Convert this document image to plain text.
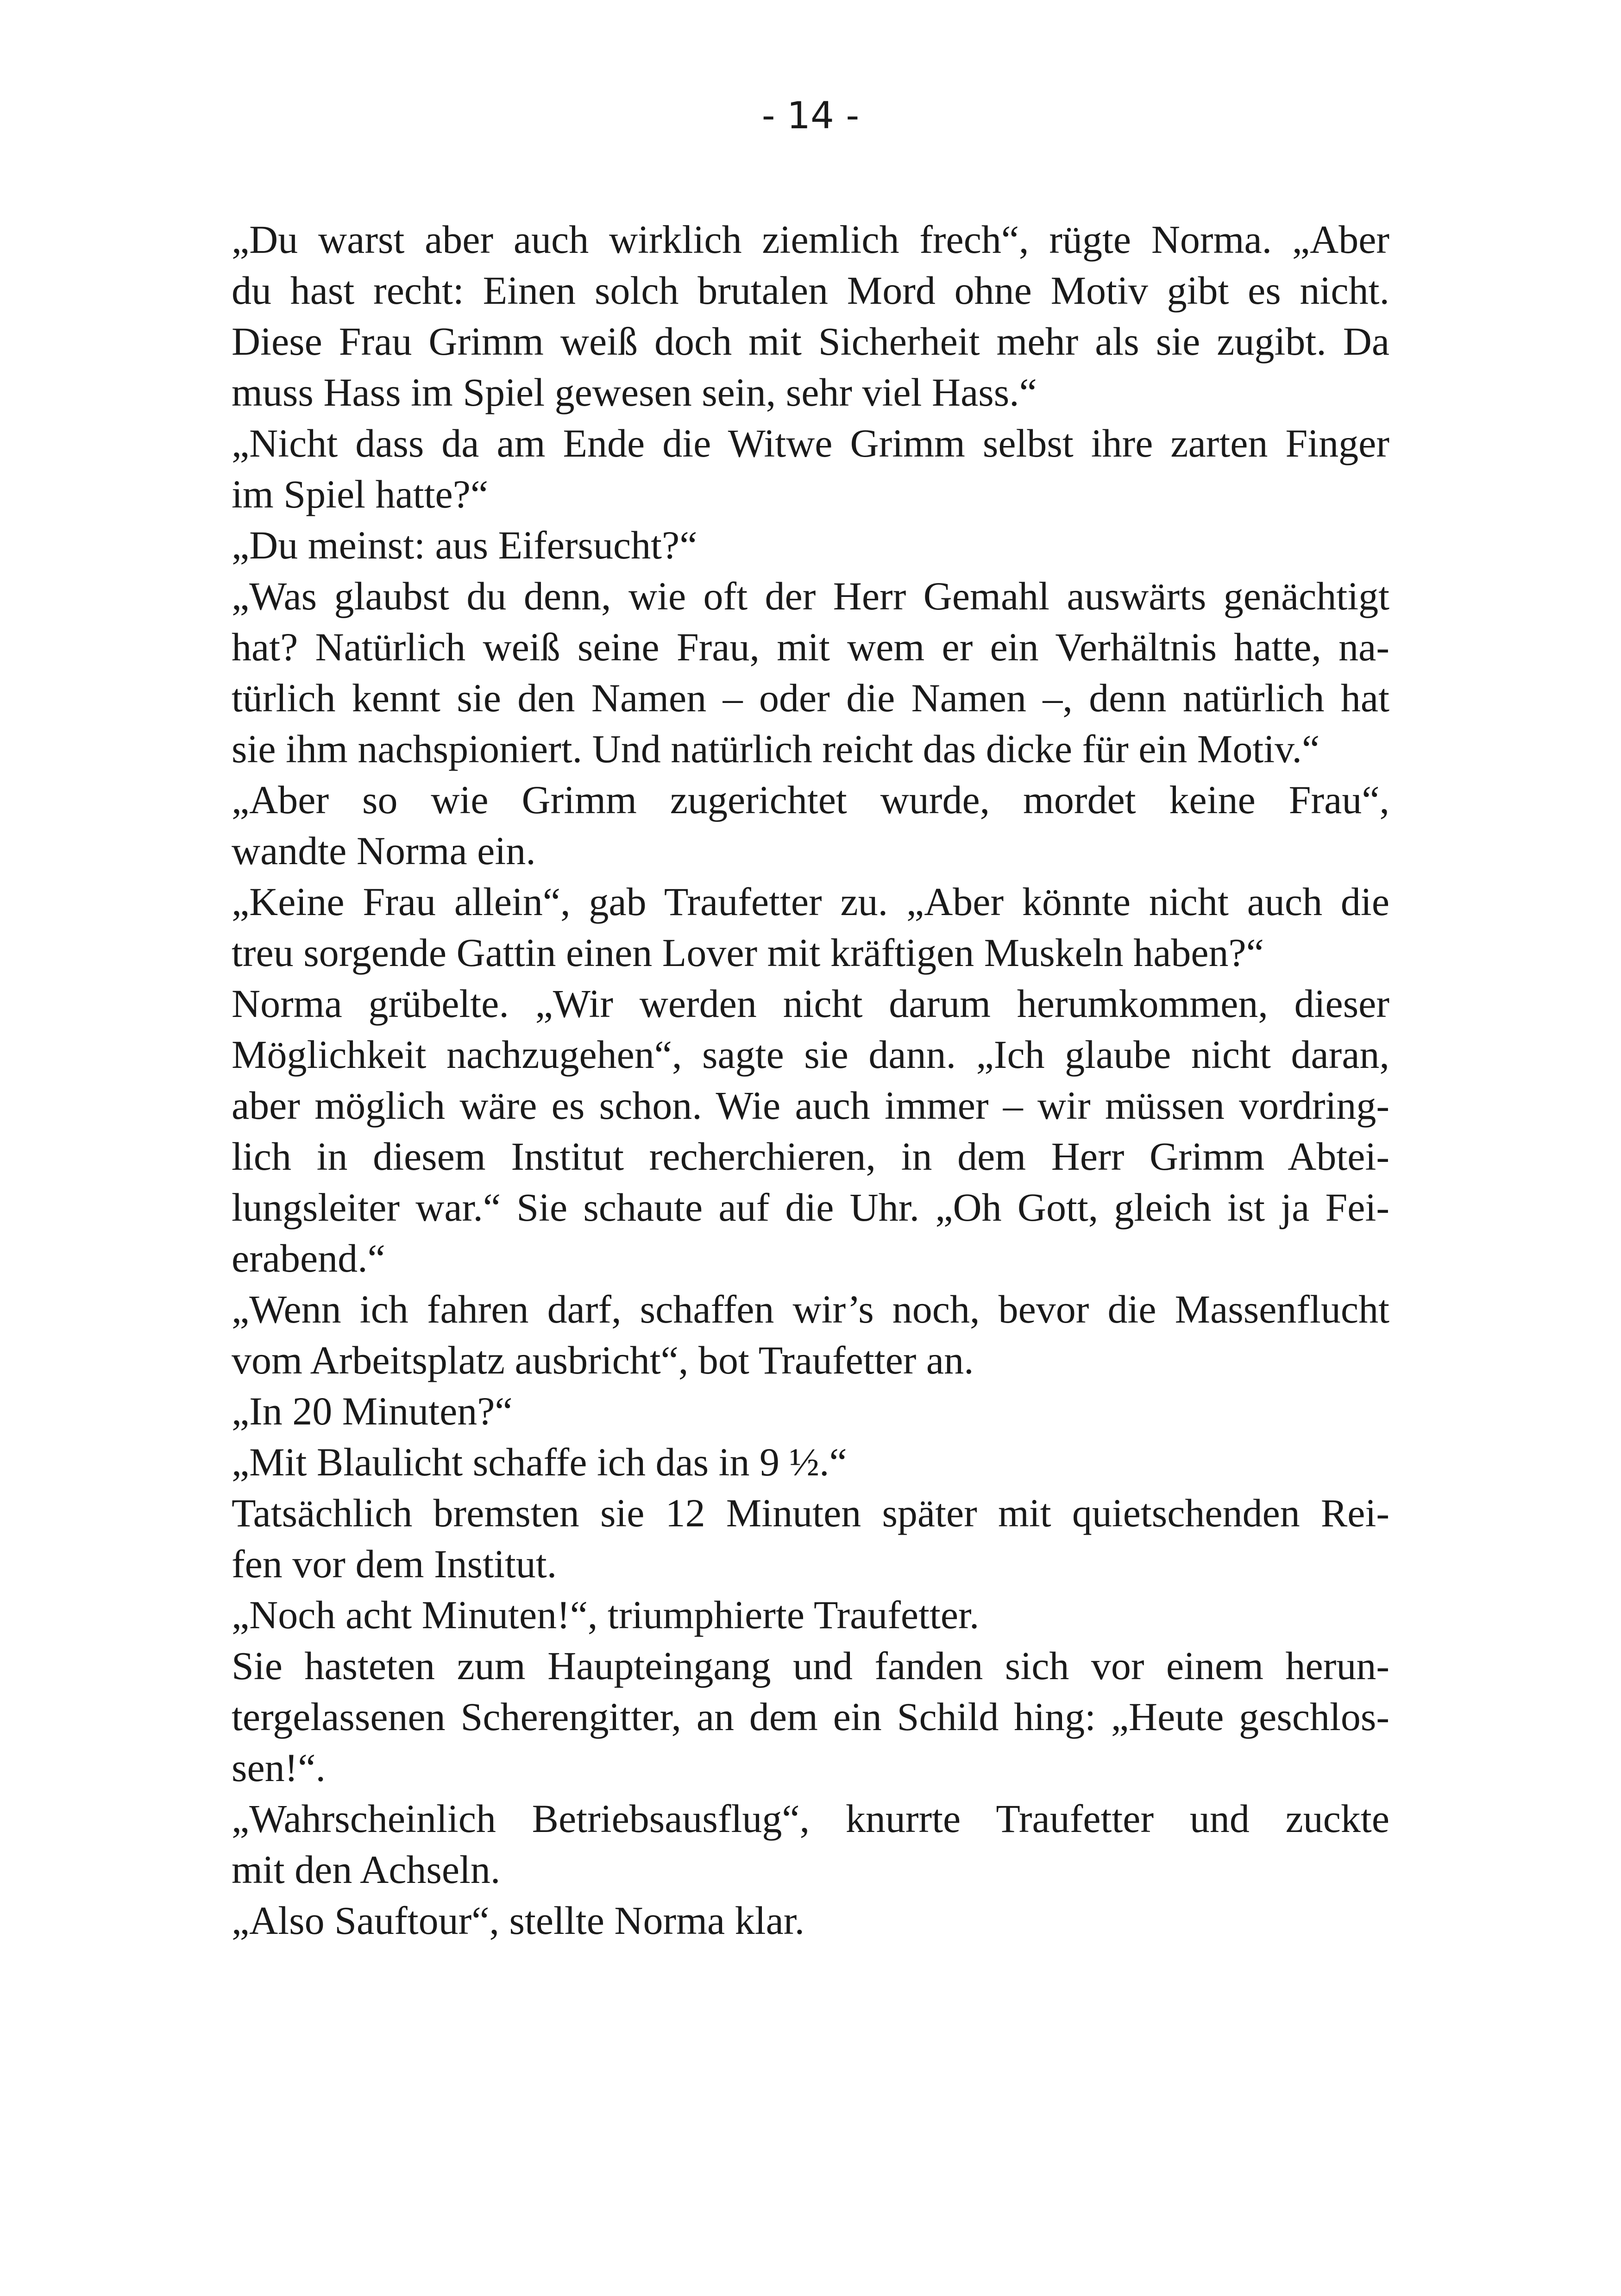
- 14 -
„Du warst aber auch wirklich ziemlich frech“, rügte Norma. „Aber
du hast recht: Einen solch brutalen Mord ohne Motiv gibt es nicht.
Diese Frau Grimm weiß doch mit Sicherheit mehr als sie zugibt. Da
muss Hass im Spiel gewesen sein, sehr viel Hass.“
„Nicht dass da am Ende die Witwe Grimm selbst ihre zarten Finger
im Spiel hatte?“
„Du meinst: aus Eifersucht?“
„Was glaubst du denn, wie oft der Herr Gemahl auswärts genächtigt
hat? Natürlich weiß seine Frau, mit wem er ein Verhältnis hatte, na-
türlich kennt sie den Namen – oder die Namen –, denn natürlich hat
sie ihm nachspioniert. Und natürlich reicht das dicke für ein Motiv.“
„Aber so wie Grimm zugerichtet wurde, mordet keine Frau“,
wandte Norma ein.
„Keine Frau allein“, gab Traufetter zu. „Aber könnte nicht auch die
treu sorgende Gattin einen Lover mit kräftigen Muskeln haben?“
Norma grübelte. „Wir werden nicht darum herumkommen, dieser
Möglichkeit nachzugehen“, sagte sie dann. „Ich glaube nicht daran,
aber möglich wäre es schon. Wie auch immer – wir müssen vordring-
lich in diesem Institut recherchieren, in dem Herr Grimm Abtei-
lungsleiter war.“ Sie schaute auf die Uhr. „Oh Gott, gleich ist ja Fei-
erabend.“
„Wenn ich fahren darf, schaffen wir’s noch, bevor die Massenflucht
vom Arbeitsplatz ausbricht“, bot Traufetter an.
„In 20 Minuten?“
„Mit Blaulicht schaffe ich das in 9 ½.“
Tatsächlich bremsten sie 12 Minuten später mit quietschenden Rei-
fen vor dem Institut.
„Noch acht Minuten!“, triumphierte Traufetter.
Sie hasteten zum Haupteingang und fanden sich vor einem herun-
tergelassenen Scherengitter, an dem ein Schild hing: „Heute geschlos-
sen!“.
„Wahrscheinlich Betriebsausflug“, knurrte Traufetter und zuckte
mit den Achseln.
„Also Sauftour“, stellte Norma klar.
